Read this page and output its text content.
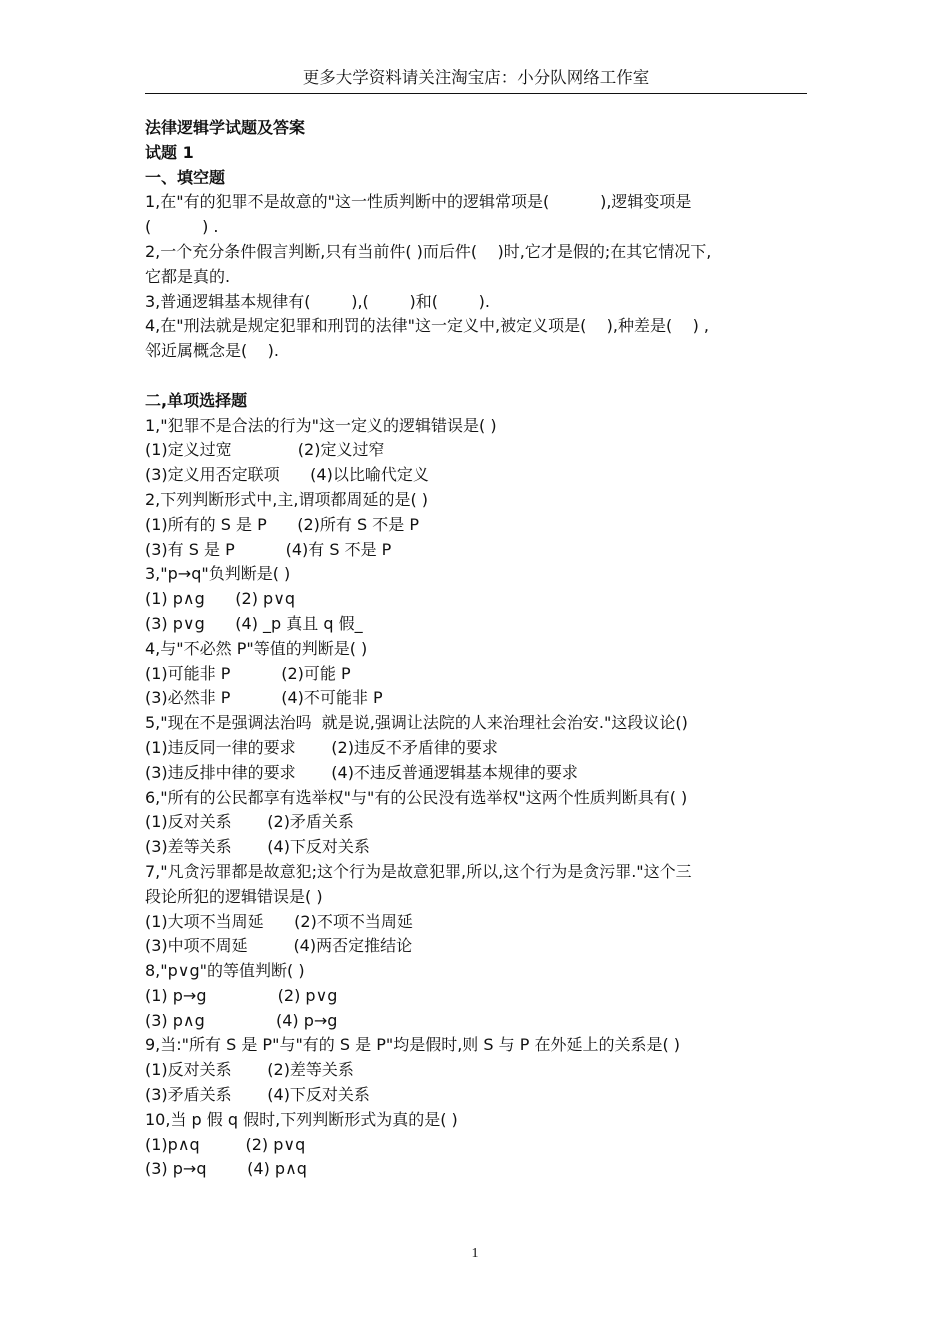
更多大学资料请关注淘宝店：小分队网络工作室
法律逻辑学试题及答案
试题 1
一、填空题
1,在"有的犯罪不是故意的"这一性质判断中的逻辑常项是(          ),逻辑变项是
(          ) .
2,一个充分条件假言判断,只有当前件( )而后件(    )时,它才是假的;在其它情况下,
它都是真的.
3,普通逻辑基本规律有(        ),(        )和(        ).
4,在"刑法就是规定犯罪和刑罚的法律"这一定义中,被定义项是(    ),种差是(    ) ,
邻近属概念是(    ).
二,单项选择题
1,"犯罪不是合法的行为"这一定义的逻辑错误是( )
(1)定义过宽             (2)定义过窄
(3)定义用否定联项      (4)以比喻代定义
2,下列判断形式中,主,谓项都周延的是( )
(1)所有的 S 是 P      (2)所有 S 不是 P
(3)有 S 是 P          (4)有 S 不是 P
3,"p→q"负判断是( )
(1) p∧g      (2) p∨q
(3) p∨g      (4) _p 真且 q 假_
4,与"不必然 P"等值的判断是( )
(1)可能非 P          (2)可能 P
(3)必然非 P          (4)不可能非 P
5,"现在不是强调法治吗  就是说,强调让法院的人来治理社会治安."这段议论()
(1)违反同一律的要求       (2)违反不矛盾律的要求
(3)违反排中律的要求       (4)不违反普通逻辑基本规律的要求
6,"所有的公民都享有选举权"与"有的公民没有选举权"这两个性质判断具有( )
(1)反对关系       (2)矛盾关系
(3)差等关系       (4)下反对关系
7,"凡贪污罪都是故意犯;这个行为是故意犯罪,所以,这个行为是贪污罪."这个三
段论所犯的逻辑错误是( )
(1)大项不当周延      (2)不项不当周延
(3)中项不周延         (4)两否定推结论
8,"p∨g"的等值判断( )
(1) p→g              (2) p∨g
(3) p∧g              (4) p→g
9,当:"所有 S 是 P"与"有的 S 是 P"均是假时,则 S 与 P 在外延上的关系是( )
(1)反对关系       (2)差等关系
(3)矛盾关系       (4)下反对关系
10,当 p 假 q 假时,下列判断形式为真的是( )
(1)p∧q         (2) p∨q
(3) p→q        (4) p∧q
1
